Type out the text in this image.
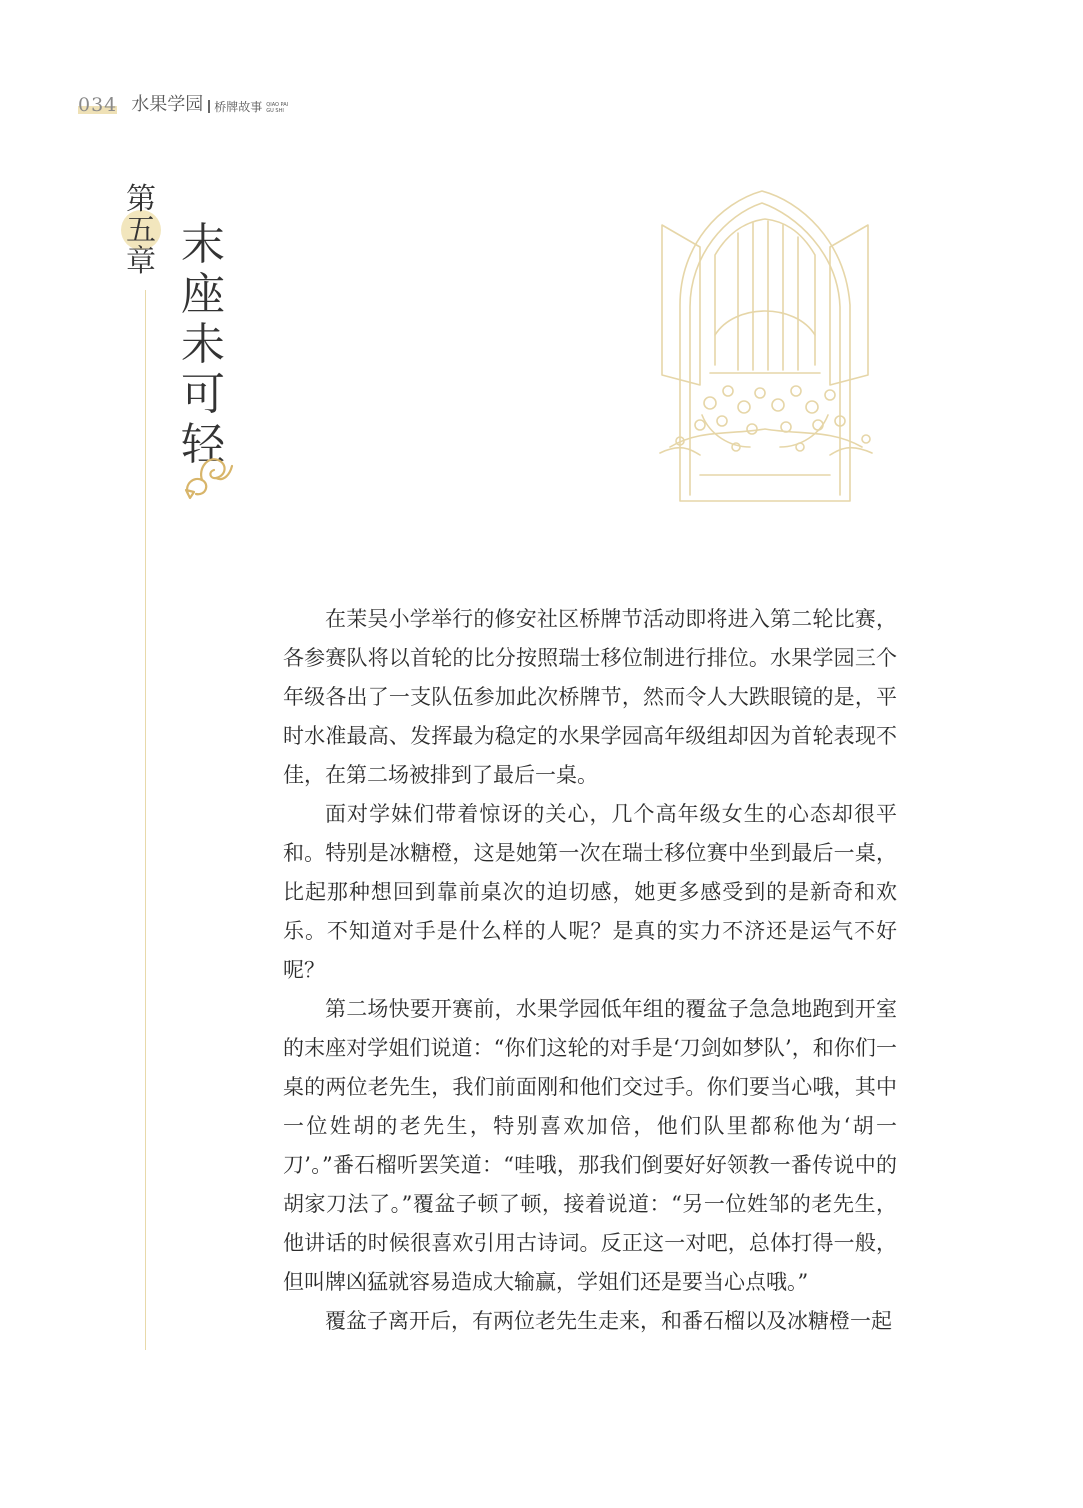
034 水果学园 桥牌故事 QIAO PAI
GU SHI
第
五
章 末
座
未
可
轻

在茉吴小学举行的修安社区桥牌节活动即将进入第二轮比赛，各参赛队将以首轮的比分按照瑞士移位制进行排位。水果学园三个年级各出了一支队伍参加此次桥牌节，然而令人大跌眼镜的是，平时水准最高、发挥最为稳定的水果学园高年级组却因为首轮表现不佳，在第二场被排到了最后一桌。

面对学妹们带着惊讶的关心，几个高年级女生的心态却很平和。特别是冰糖橙，这是她第一次在瑞士移位赛中坐到最后一桌，比起那种想回到靠前桌次的迫切感，她更多感受到的是新奇和欢乐。不知道对手是什么样的人呢？是真的实力不济还是运气不好呢？

第二场快要开赛前，水果学园低年组的覆盆子急急地跑到开室的末座对学姐们说道：“你们这轮的对手是‘刀剑如梦队’，和你们一桌的两位老先生，我们前面刚和他们交过手。你们要当心哦，其中一位姓胡的老先生，特别喜欢加倍，他们队里都称他为‘胡一刀’。”番石榴听罢笑道：“哇哦，那我们倒要好好领教一番传说中的胡家刀法了。”覆盆子顿了顿，接着说道：“另一位姓邹的老先生，他讲话的时候很喜欢引用古诗词。反正这一对吧，总体打得一般，但叫牌凶猛就容易造成大输赢，学姐们还是要当心点哦。”

覆盆子离开后，有两位老先生走来，和番石榴以及冰糖橙一起
